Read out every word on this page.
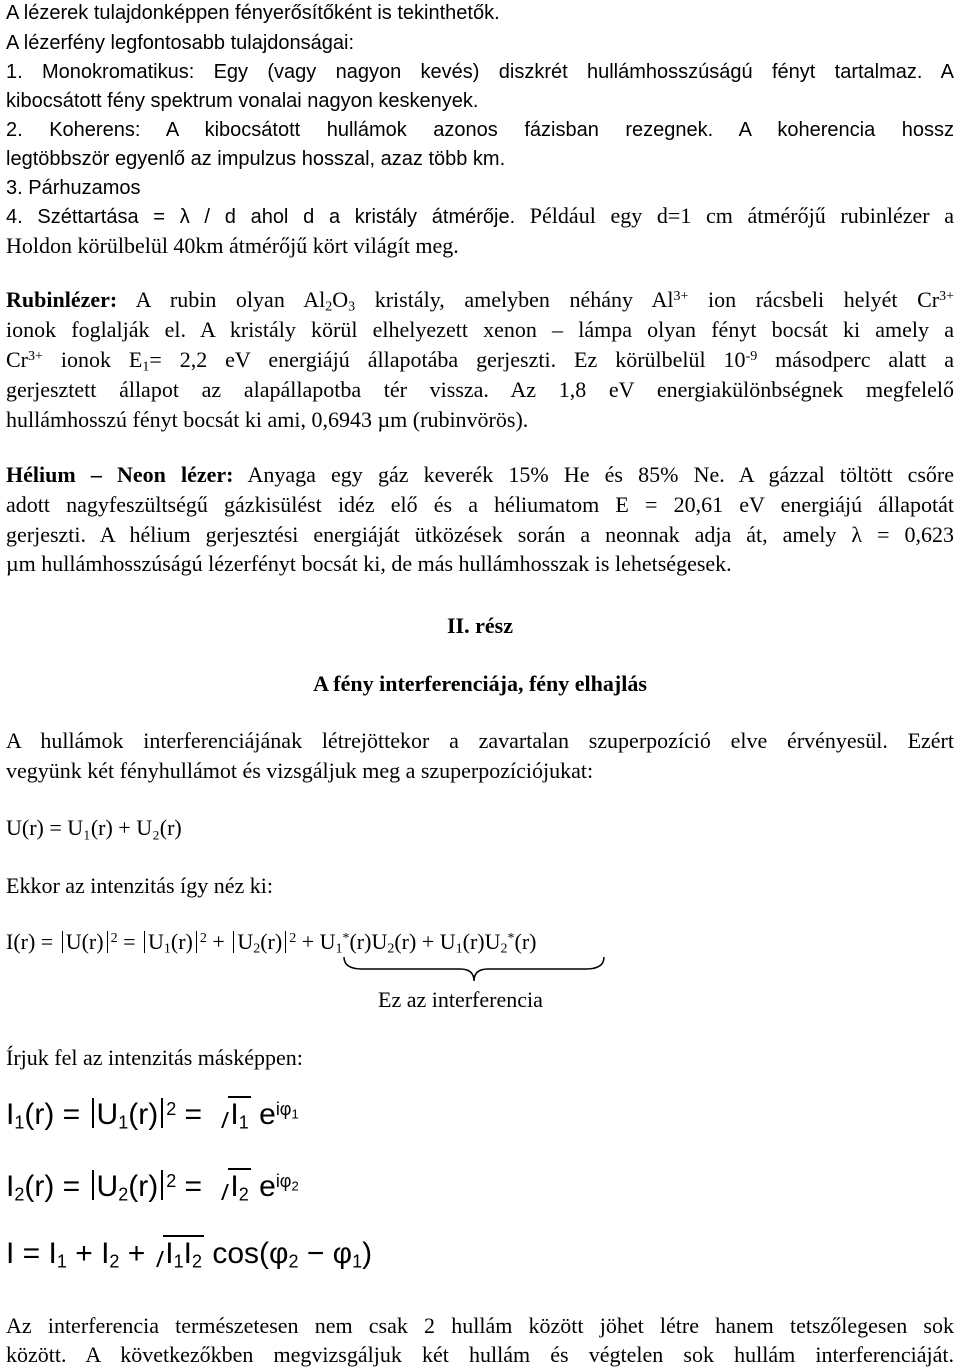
A lézerek tulajdonképpen fényerősítőként is tekinthetők.
A lézerfény legfontosabb tulajdonságai:
1. Monokromatikus: Egy (vagy nagyon kevés) diszkrét hullámhosszúságú fényt tartalmaz. A
kibocsátott fény spektrum vonalai nagyon keskenyek.
2. Koherens: A kibocsátott hullámok azonos fázisban rezegnek. A koherencia hossz
legtöbbször egyenlő az impulzus hosszal, azaz több km.
3. Párhuzamos
4. Széttartása = λ / d ahol d a kristály átmérője. Például egy d=1 cm átmérőjű rubinlézer a
Holdon körülbelül 40km átmérőjű kört világít meg.
Rubinlézer: A rubin olyan $Al_2O_3$ kristály, amelyben néhány $Al^{3+}$ ion rácsbeli helyét $Cr^{3+}$
ionok foglalják el. A kristály körül elhelyezett xenon – lámpa olyan fényt bocsát ki amely a
$Cr^{3+}$ ionok $E_1= 2,2$ eV energiájú állapotába gerjeszti. Ez körülbelül $10^{-9}$ másodperc alatt a
gerjesztett állapot az alapállapotba tér vissza. Az 1,8 eV energiakülönbségnek megfelelő
hullámhosszú fényt bocsát ki ami, 0,6943 µm (rubinvörös).
Hélium – Neon lézer: Anyaga egy gáz keverék 15% He és 85% Ne. A gázzal töltött csőre
adott nagyfeszültségű gázkisülést idéz elő és a héliumatom E = 20,61 eV energiájú állapotát
gerjeszti. A hélium gerjesztési energiáját ütközések során a neonnak adja át, amely λ = 0,623
µm hullámhosszúságú lézerfényt bocsát ki, de más hullámhosszak is lehetségesek.
II. rész
A fény interferenciája, fény elhajlás
A hullámok interferenciájának létrejöttekor a zavartalan szuperpozíció elve érvényesül. Ezért
vegyünk két fényhullámot és vizsgáljuk meg a szuperpozíciójukat:
U(r) = U₁(r) + U₂(r)
Ekkor az intenzitás így néz ki:
I(r) = U(r) $^2 = U_1(r) ^2 + U_2(r) ^2 + U_1^*(r)U_2(r) + U_1(r)U_2^*(r)$
Ez az interferencia
Írjuk fel az intenzitás másképpen:
$I_1(r) = U_1(r) ^2 = I_1$ $e^{i\varphi_1}$
$I_2(r) = U_2(r) ^2 = I_2$ $e^{i\varphi_2}$
$I = I_1 + I_2 + I_1I_2$ $\cos(\varphi_2 - \varphi_1)$
Az interferencia természetesen nem csak 2 hullám között jöhet létre hanem tetszőlegesen sok
között. A következőkben megvizsgáljuk két hullám és végtelen sok hullám interferenciáját.
